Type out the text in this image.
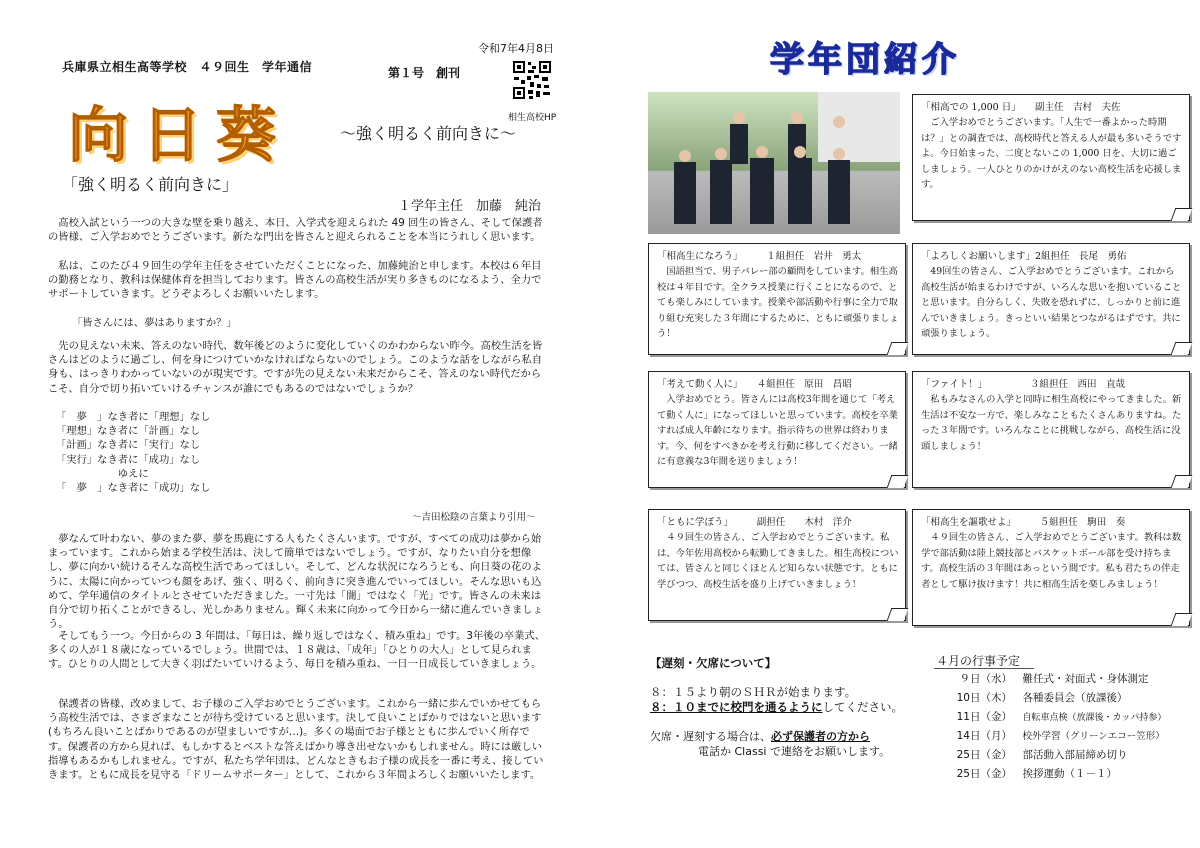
令和7年4月8日
兵庫県立相生高等学校　４９回生　学年通信	第１号　創刊
相生高校HP
向日葵	～強く明るく前向きに～
「強く明るく前向きに」
１学年主任　加藤　純治
　高校入試という一つの大きな壁を乗り越え、本日、入学式を迎えられた 49 回生の皆さん、そして保護者の皆様、ご入学おめでとうございます。新たな門出を皆さんと迎えられることを本当にうれしく思います。
　私は、このたび４９回生の学年主任をさせていただくことになった、加藤純治と申します。本校は６年目の勤務となり、教科は保健体育を担当しております。皆さんの高校生活が実り多きものになるよう、全力でサポートしていきます。どうぞよろしくお願いいたします。
「皆さんには、夢はありますか？」
　先の見えない未来、答えのない時代、数年後どのように変化していくのかわからない昨今。高校生活を皆さんはどのように過ごし、何を身につけていかなければならないのでしょう。このような話をしながら私自身も、はっきりわかっていないのが現実です。ですが先の見えない未来だからこそ、答えのない時代だからこそ、自分で切り拓いていけるチャンスが誰にでもあるのではないでしょうか？
「　夢　」なき者に「理想」なし
「理想」なき者に「計画」なし
「計画」なき者に「実行」なし
「実行」なき者に「成功」なし
　　　　　　ゆえに
「　夢　」なき者に「成功」なし
～吉田松陰の言葉より引用～
　夢なんて叶わない、夢のまた夢、夢を馬鹿にする人もたくさんいます。ですが、すべての成功は夢から始まっています。これから始まる学校生活は、決して簡単ではないでしょう。ですが、なりたい自分を想像し、夢に向かい続けるそんな高校生活であってほしい。そして、どんな状況になろうとも、向日葵の花のように、太陽に向かっていつも顔をあげ、強く、明るく、前向きに突き進んでいってほしい。そんな思いも込めて、学年通信のタイトルとさせていただきました。一寸先は「闇」ではなく「光」です。皆さんの未来は自分で切り拓くことができるし、光しかありません。輝く未来に向かって今日から一緒に進んでいきましょう。
　そしてもう一つ。今日からの 3 年間は、「毎日は、繰り返しではなく、積み重ね」です。3年後の卒業式、多くの人が１８歳になっているでしょう。世間では、１８歳は、「成年」「ひとりの大人」として見られます。ひとりの人間として大きく羽ばたいていけるよう、毎日を積み重ね、一日一日成長していきましょう。
　保護者の皆様、改めまして、お子様のご入学おめでとうございます。これから一緒に歩んでいかせてもらう高校生活では、さまざまなことが待ち受けていると思います。決して良いことばかりではないと思います(もちろん良いことばかりであるのが望ましいですが…)。多くの場面でお子様とともに歩んでいく所存です。保護者の方から見れば、もしかするとベストな答えばかり導き出せないかもしれません。時には厳しい指導もあるかもしれません。ですが、私たち学年団は、どんなときもお子様の成長を一番に考え、接していきます。ともに成長を見守る「ドリームサポーター」として、これから３年間よろしくお願いいたします。
学年団紹介
「相高での 1,000 日」　　副主任　吉村　夫佐
　ご入学おめでとうございます。「人生で一番よかった時期は？」との調査では、高校時代と答える人が最も多いそうですよ。今日始まった、二度とないこの 1,000 日を、大切に過ごしましょう。一人ひとりのかけがえのない高校生活を応援します。
「相高生になろう」　　　１組担任　岩井　勇太
　国語担当で、男子バレー部の顧問をしています。相生高校は４年目です。全クラス授業に行くことになるので、とても楽しみにしています。授業や部活動や行事に全力で取り組む充実した３年間にするために、ともに頑張りましょう！
「よろしくお願いします」2組担任　長尾　勇佑
　49回生の皆さん、ご入学おめでとうございます。これから高校生活が始まるわけですが、いろんな思いを抱いていることと思います。自分らしく、失敗を恐れずに、しっかりと前に進んでいきましょう。きっといい結果とつながるはずです。共に頑張りましょう。
「考えて動く人に」　　４組担任　原田　昌昭
　入学おめでとう。皆さんには高校3年間を通じて「考えて動く人に」になってほしいと思っています。高校を卒業すれば成人年齢になります。指示待ちの世界は終わります。今、何をすべきかを考え行動に移してください。一緒に有意義な3年間を送りましょう！
「ファイト！」　　　　　３組担任　西田　直哉
　私もみなさんの入学と同時に相生高校にやってきました。新生活は不安な一方で、楽しみなこともたくさんありますね。たった３年間です。いろんなことに挑戦しながら、高校生活に没頭しましょう！
「ともに学ぼう」　　　副担任　　木村　洋介
　４９回生の皆さん、ご入学おめでとうございます。私は、今年佐用高校から転勤してきました。相生高校については、皆さんと同じくほとんど知らない状態です。ともに学びつつ、高校生活を盛り上げていきましょう！
「相高生を謳歌せよ」　　　５組担任　駒田　奏
　４９回生の皆さん、ご入学おめでとうございます。教科は数学で部活動は陸上競技部とバスケットボール部を受け持ちます。高校生活の３年間はあっという間です。私も君たちの伴走者として駆け抜けます！共に相高生活を楽しみましょう！
【遅刻・欠席について】
８：１５より朝のＳＨＲが始まります。
８：１０までに校門を通るようにしてください。
欠席・遅刻する場合は、必ず保護者の方から
電話か Classi で連絡をお願いします。
４月の行事予定
９日（水）　 難任式・対面式・身体測定
10日（木）　 各種委員会（放課後）
11日（金）　 自転車点検（放課後・カッパ持参）
14日（月）　 校外学習（グリーンエコー笠形）
25日（金）　 部活動入部届締め切り
25日（金）　 挨拶運動（１－１）
